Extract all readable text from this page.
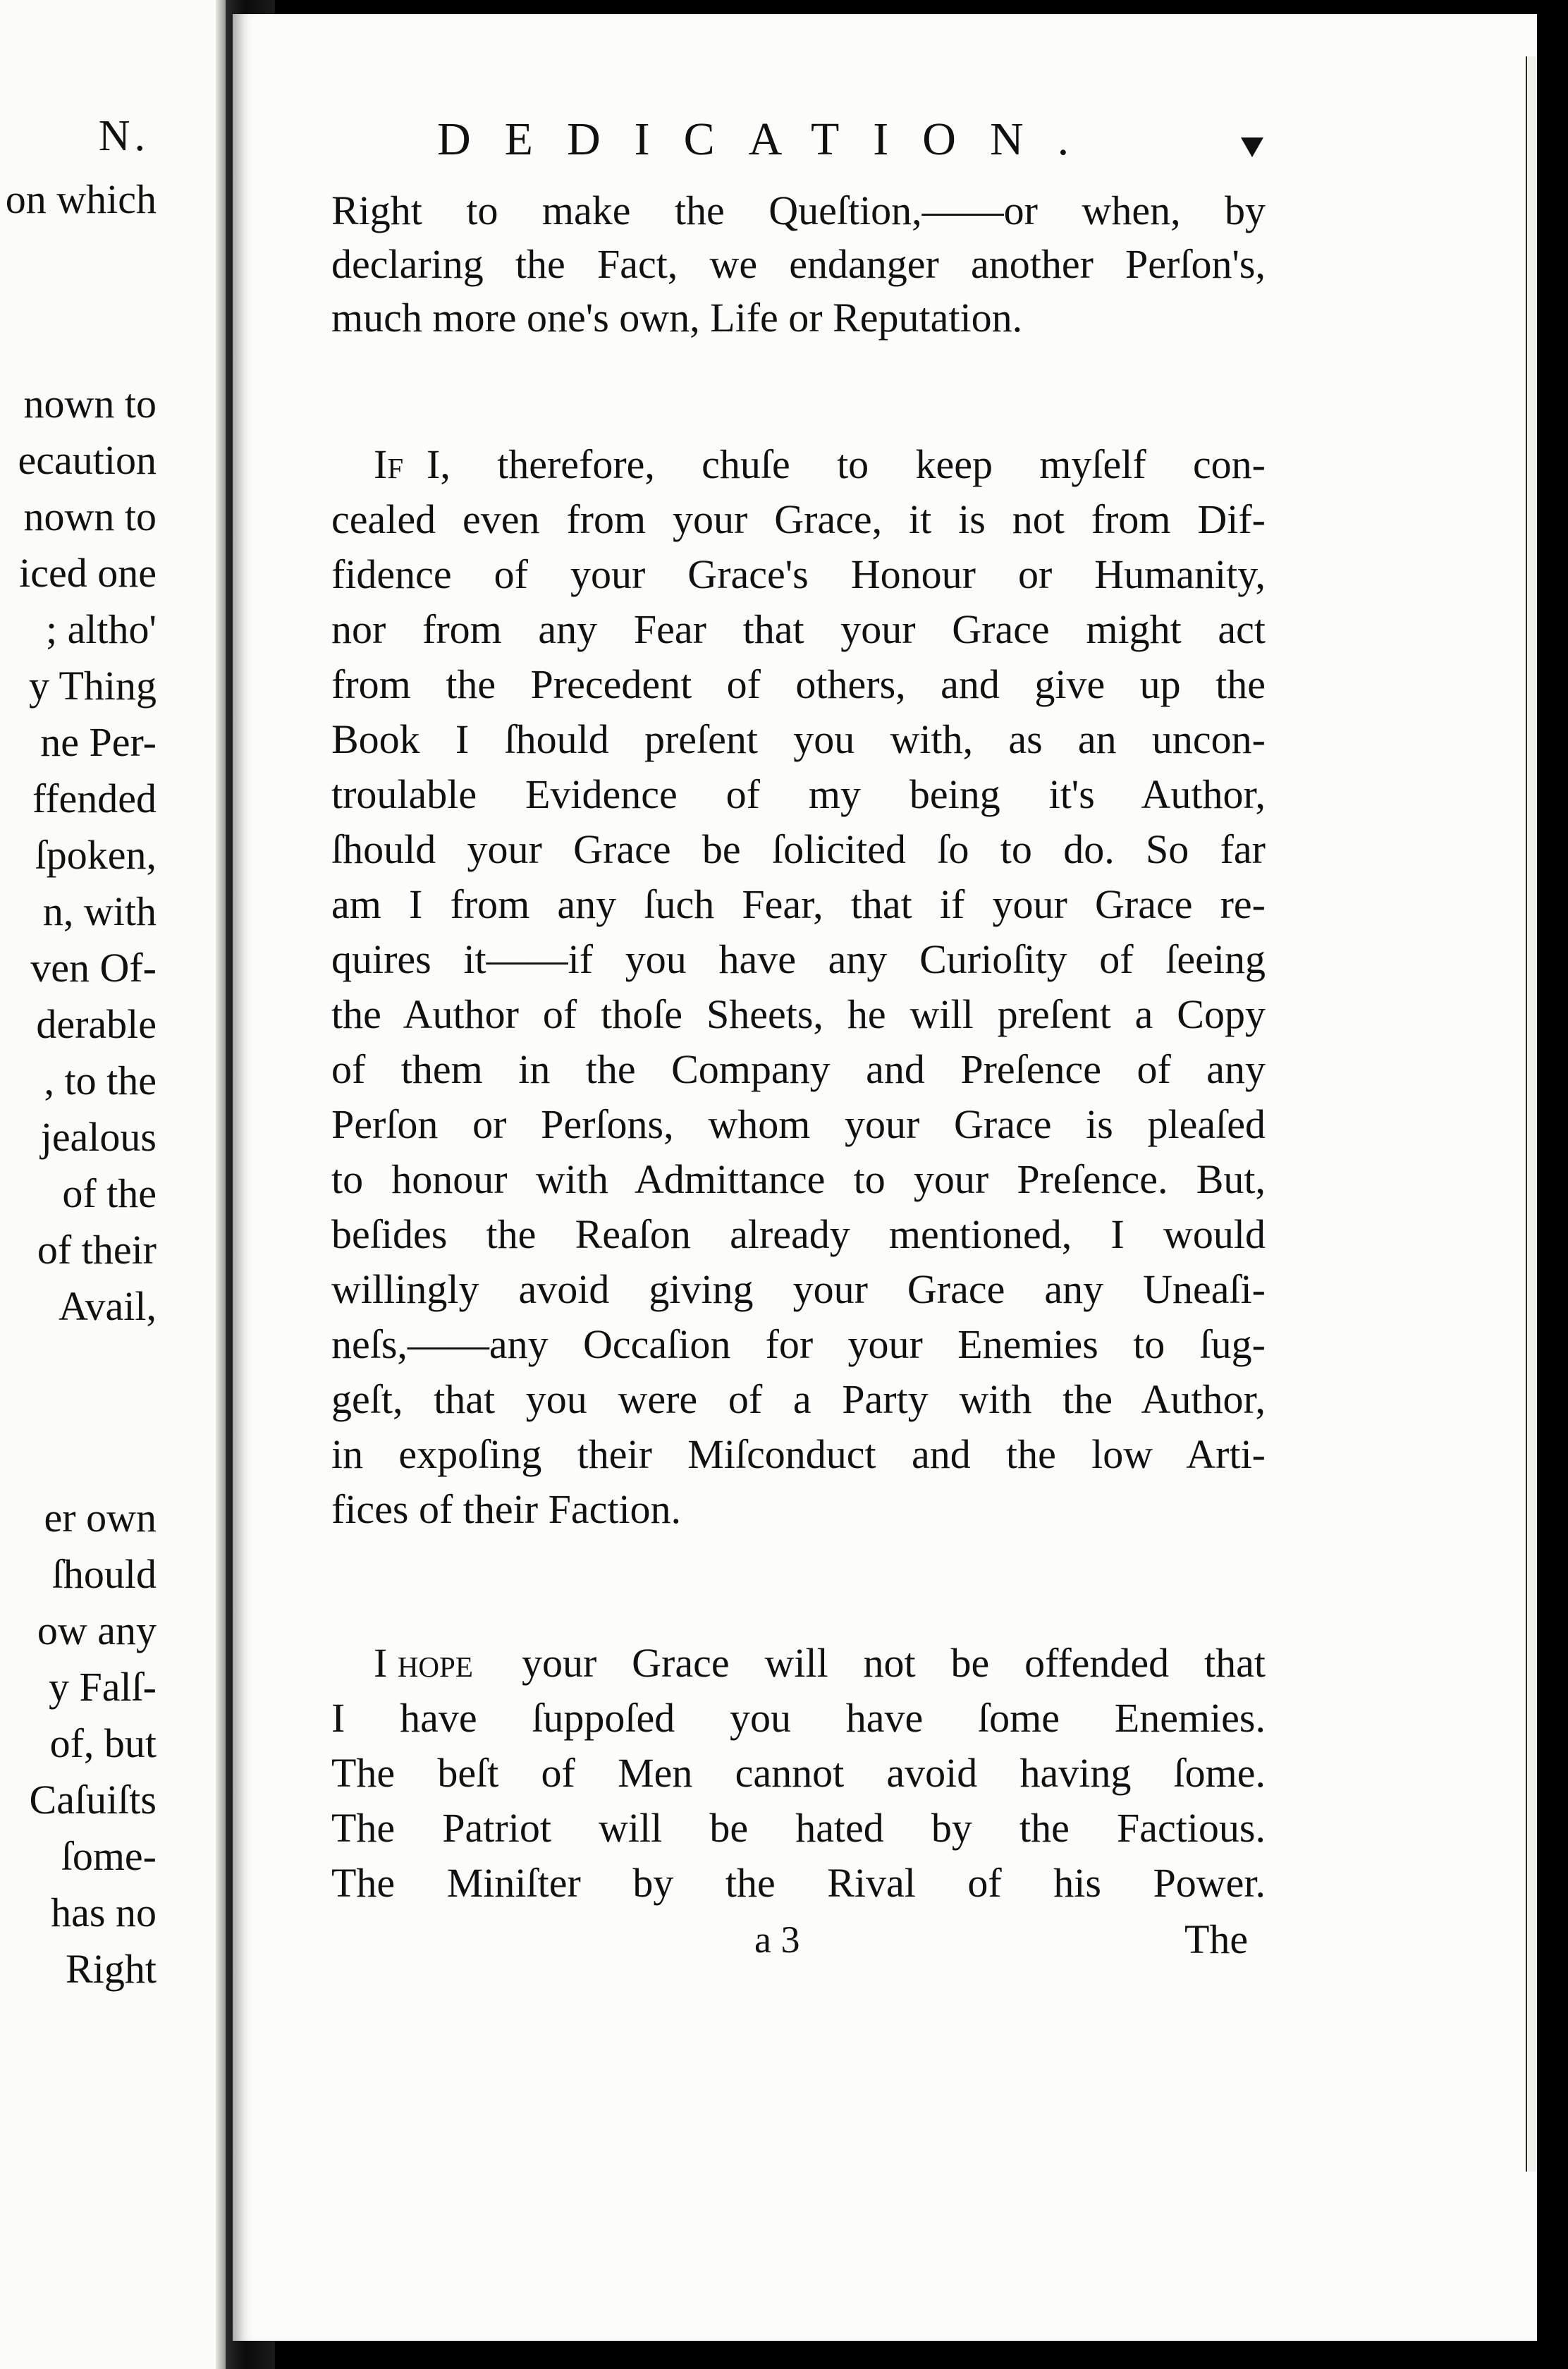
N.
on which
nown to
ecaution
nown to
iced one
; altho'
y Thing
ne Per-
ffended
ſpoken,
n, with
ven Of-
derable
, to the
jealous
of the
of their
Avail,
er own
ſhould
ow any
y Falſ-
of, but
Caſuiſts
ſome-
has no
Right
DEDICATION.
Right to make the Queſtion,——or when, by
declaring the Fact, we endanger another Perſon's,
much more one's own, Life or Reputation.
If I, therefore, chuſe to keep myſelf con-
cealed even from your Grace, it is not from Dif-
fidence of your Grace's Honour or Humanity,
nor from any Fear that your Grace might act
from the Precedent of others, and give up the
Book I ſhould preſent you with, as an uncon-
troulable Evidence of my being it's Author,
ſhould your Grace be ſolicited ſo to do. So far
am I from any ſuch Fear, that if your Grace re-
quires it——if you have any Curioſity of ſeeing
the Author of thoſe Sheets, he will preſent a Copy
of them in the Company and Preſence of any
Perſon or Perſons, whom your Grace is pleaſed
to honour with Admittance to your Preſence. But,
beſides the Reaſon already mentioned, I would
willingly avoid giving your Grace any Uneaſi-
neſs,——any Occaſion for your Enemies to ſug-
geſt, that you were of a Party with the Author,
in expoſing their Miſconduct and the low Arti-
fices of their Faction.
I hope your Grace will not be offended that
I have ſuppoſed you have ſome Enemies.
The beſt of Men cannot avoid having ſome.
The Patriot will be hated by the Factious.
The Miniſter by the Rival of his Power.
a 3	The
